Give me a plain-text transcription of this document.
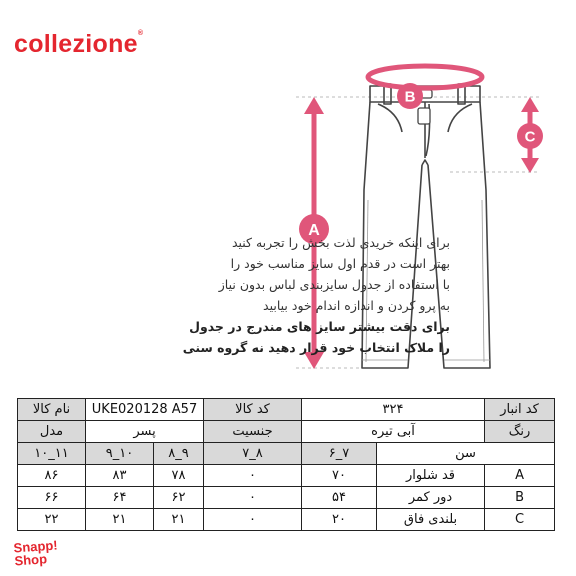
collezione®
B
A
C
برای اینکه خریدی لذت بخش را تجربه کنید
بهتر است در قدم اول سایز مناسب خود را
با استفاده از جدول سایزبندی لباس بدون نیاز
به پرو کردن و اندازه اندام خود بیابید
برای دقت بیشتر سایز های مندرج در جدول
را ملاک انتخاب خود قرار دهید نه گروه سنی
کد انبار	۳۲۴		کد کالا	UKE020128 A57		نام کالا	
رنگ	آبی تیره		جنسیت	پسر		مدل	
سن		۶_۷	۷_۸	۸_۹	۹_۱۰	۱۰_۱۱	
A	قد شلوار	۷۰	۰	۷۸	۸۳	۸۶	
B	دور کمر	۵۴	۰	۶۲	۶۴	۶۶	
C	بلندی فاق	۲۰	۰	۲۱	۲۱	۲۲	
Snapp!
Shop
